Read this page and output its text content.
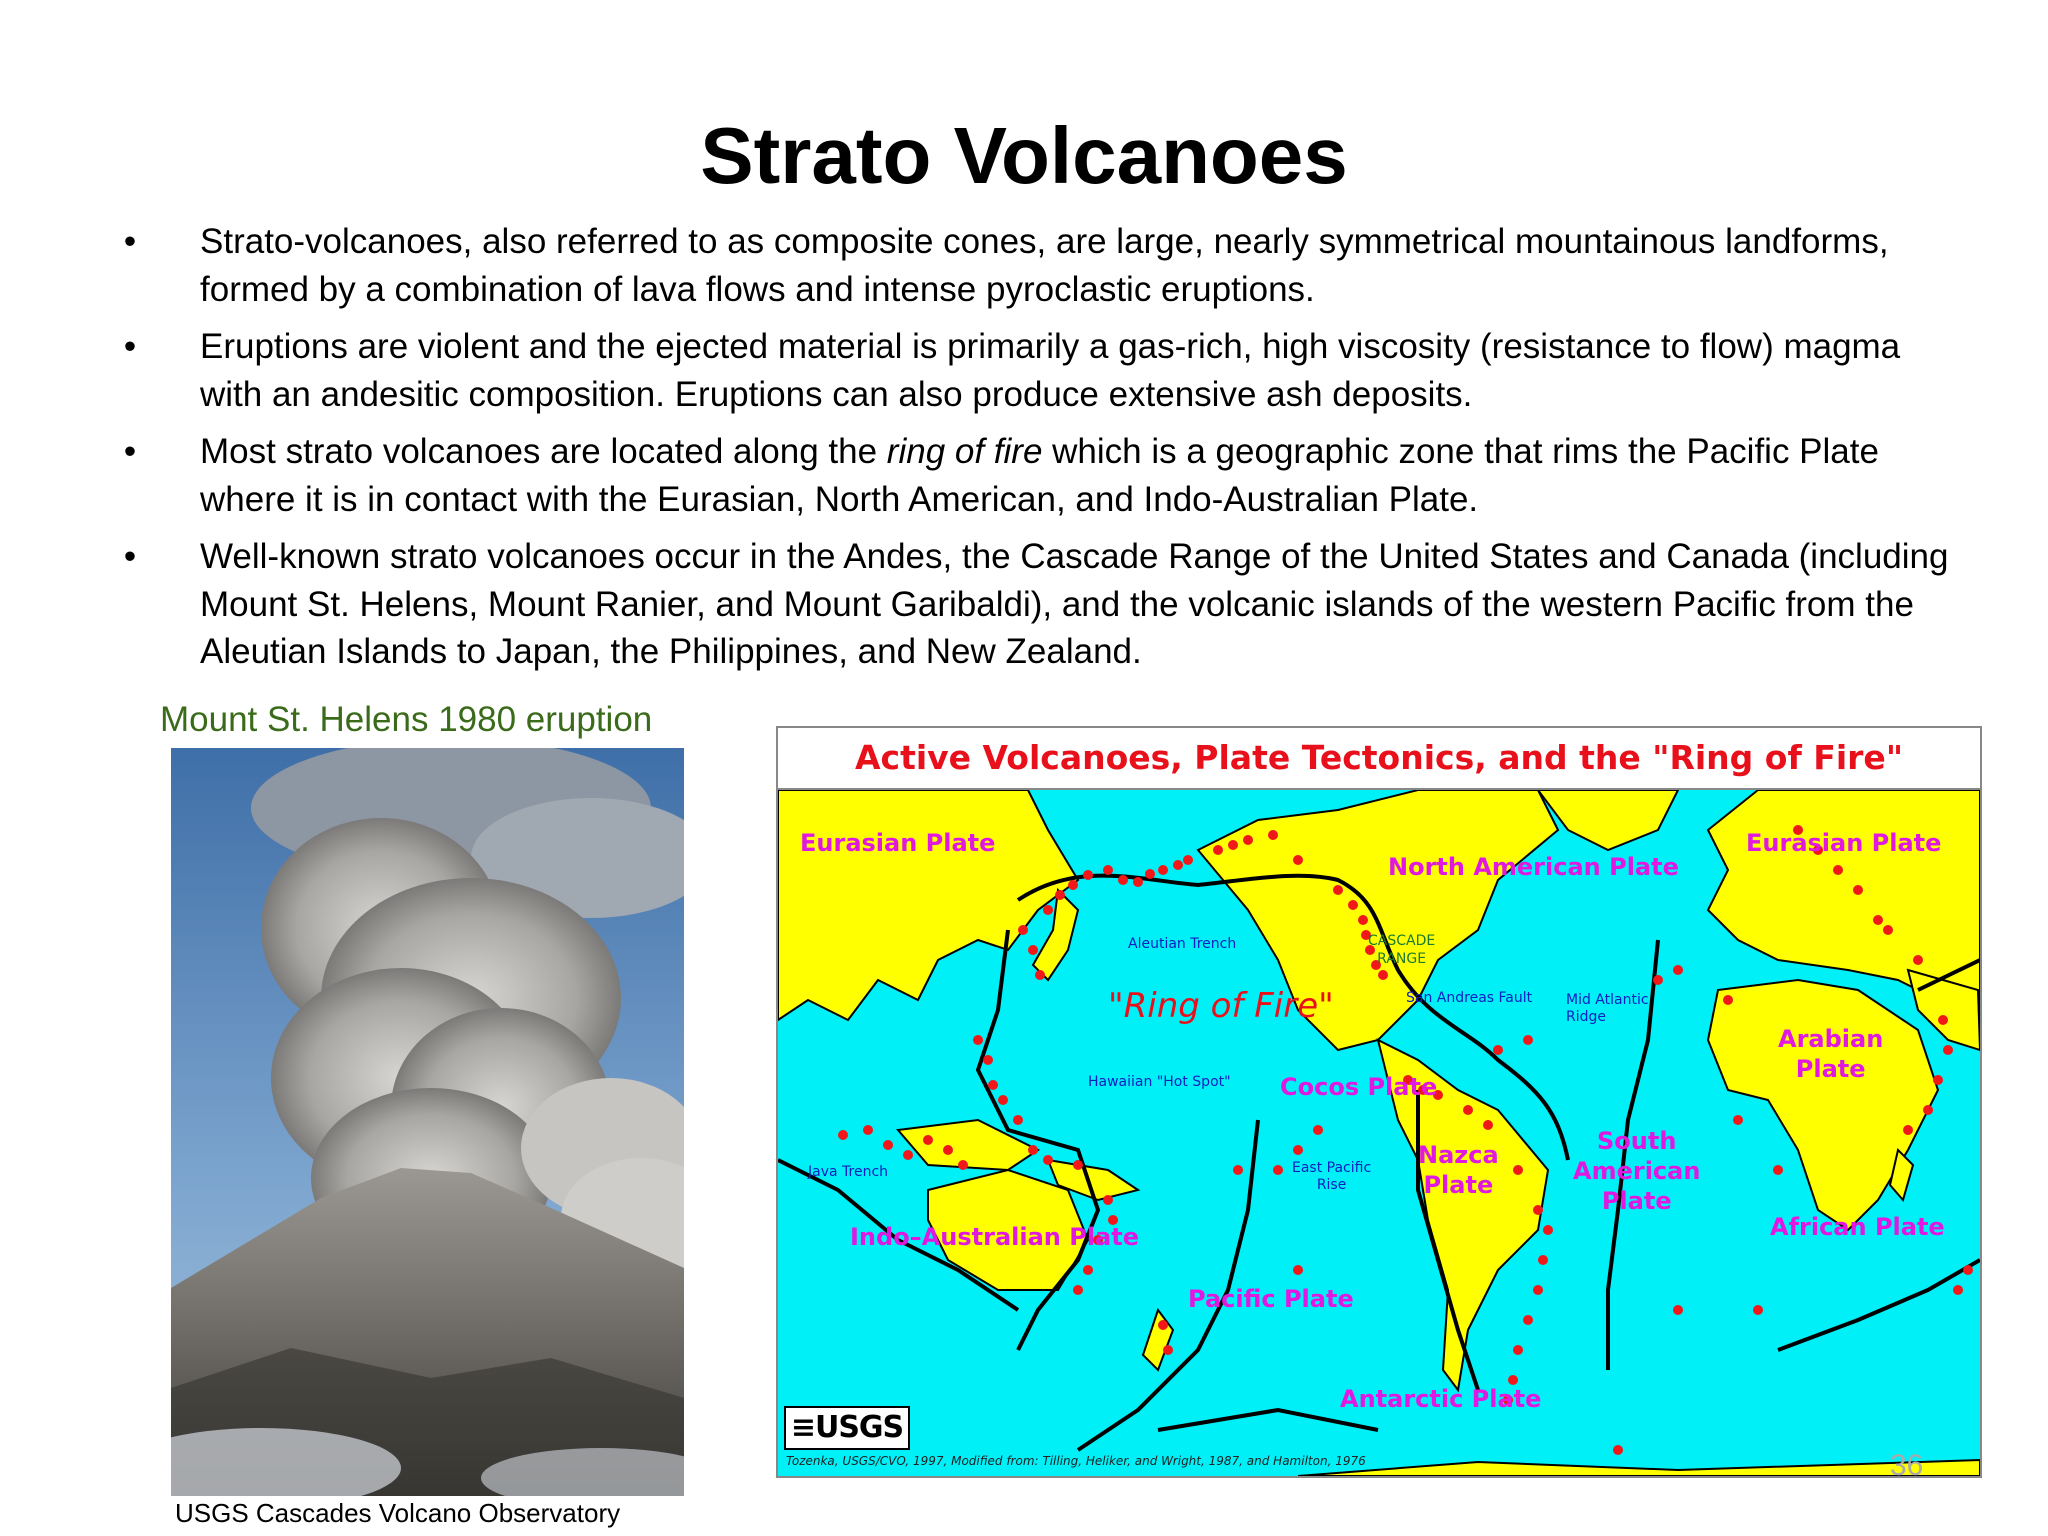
Strato Volcanoes
• Strato-volcanoes, also referred to as composite cones, are large, nearly symmetrical mountainous landforms, formed by a combination of lava flows and intense pyroclastic eruptions.
• Eruptions are violent and the ejected material is primarily a gas-rich, high viscosity (resistance to flow) magma with an andesitic composition. Eruptions can also produce extensive ash deposits.
• Most strato volcanoes are located along the ring of fire which is a geographic zone that rims the Pacific Plate where it is in contact with the Eurasian, North American, and Indo-Australian Plate.
• Well-known strato volcanoes occur in the Andes, the Cascade Range of the United States and Canada (including Mount St. Helens, Mount Ranier, and Mount Garibaldi), and the volcanic islands of the western Pacific from the Aleutian Islands to Japan, the Philippines, and New Zealand.
Mount St. Helens 1980 eruption
USGS Cascades Volcano Observatory
Active Volcanoes, Plate Tectonics, and the "Ring of Fire"
Eurasian Plate	Eurasian Plate
North American Plate
Arabian
Plate
Cocos Plate
Nazca
Plate
South
American
Plate
African Plate
Indo–Australian Plate
Pacific Plate
Antarctic Plate
"Ring of Fire"
Aleutian Trench	CASCADE
RANGE
San Andreas Fault Mid Atlantic
Ridge
Hawaiian "Hot Spot"
Java Trench	East Pacific
Rise
≡USGS
Tozenka, USGS/CVO, 1997, Modified from: Tilling, Heliker, and Wright, 1987, and Hamilton, 1976	36
